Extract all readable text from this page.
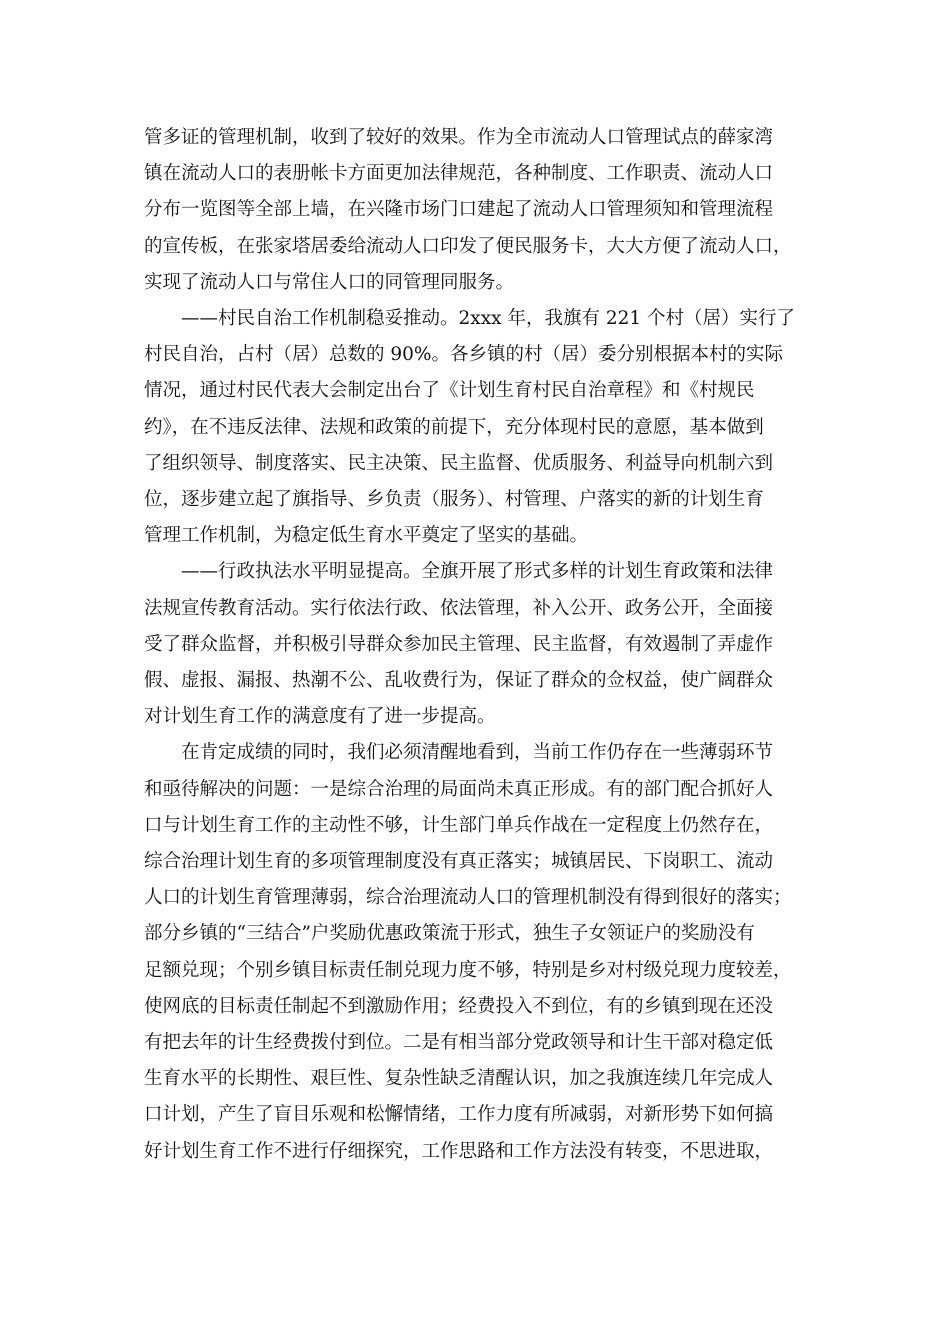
管多证的管理机制，收到了较好的效果。作为全市流动人口管理试点的薛家湾
镇在流动人口的表册帐卡方面更加法律规范，各种制度、工作职责、流动人口
分布一览图等全部上墙，在兴隆市场门口建起了流动人口管理须知和管理流程
的宣传板，在张家塔居委给流动人口印发了便民服务卡，大大方便了流动人口，
实现了流动人口与常住人口的同管理同服务。
——村民自治工作机制稳妥推动。2xxx 年，我旗有 221 个村（居）实行了
村民自治，占村（居）总数的 90%。各乡镇的村（居）委分别根据本村的实际
情况，通过村民代表大会制定出台了《计划生育村民自治章程》和《村规民
约》，在不违反法律、法规和政策的前提下，充分体现村民的意愿，基本做到
了组织领导、制度落实、民主决策、民主监督、优质服务、利益导向机制六到
位，逐步建立起了旗指导、乡负责（服务）、村管理、户落实的新的计划生育
管理工作机制，为稳定低生育水平奠定了坚实的基础。
——行政执法水平明显提高。全旗开展了形式多样的计划生育政策和法律
法规宣传教育活动。实行依法行政、依法管理，补入公开、政务公开，全面接
受了群众监督，并积极引导群众参加民主管理、民主监督，有效遏制了弄虚作
假、虚报、漏报、热潮不公、乱收费行为，保证了群众的佥权益，使广阔群众
对计划生育工作的满意度有了进一步提高。
在肯定成绩的同时，我们必须清醒地看到，当前工作仍存在一些薄弱环节
和亟待解决的问题：一是综合治理的局面尚未真正形成。有的部门配合抓好人
口与计划生育工作的主动性不够，计生部门单兵作战在一定程度上仍然存在，
综合治理计划生育的多项管理制度没有真正落实；城镇居民、下岗职工、流动
人口的计划生育管理薄弱，综合治理流动人口的管理机制没有得到很好的落实；
部分乡镇的“三结合”户奖励优惠政策流于形式，独生子女领证户的奖励没有
足额兑现；个别乡镇目标责任制兑现力度不够，特别是乡对村级兑现力度较差，
使网底的目标责任制起不到激励作用；经费投入不到位，有的乡镇到现在还没
有把去年的计生经费拨付到位。二是有相当部分党政领导和计生干部对稳定低
生育水平的长期性、艰巨性、复杂性缺乏清醒认识，加之我旗连续几年完成人
口计划，产生了盲目乐观和松懈情绪，工作力度有所减弱，对新形势下如何搞
好计划生育工作不进行仔细探究，工作思路和工作方法没有转变，不思进取，
